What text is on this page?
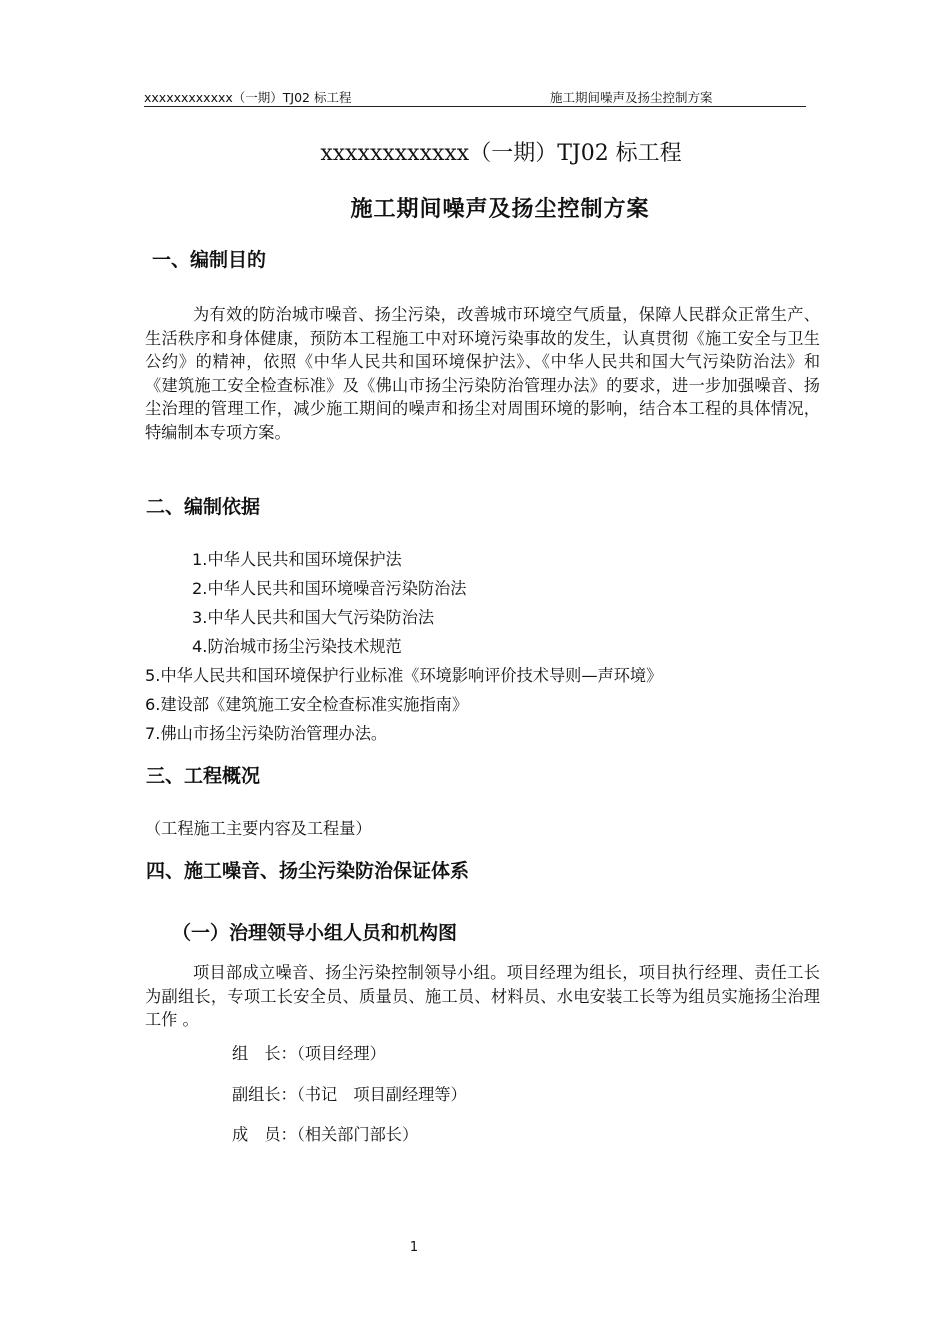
xxxxxxxxxxxx（一期）TJ02 标工程	施工期间噪声及扬尘控制方案
xxxxxxxxxxxx（一期）TJ02 标工程
施工期间噪声及扬尘控制方案
一、编制目的

为有效的防治城市噪音、扬尘污染，改善城市环境空气质量，保障人民群众正常生产、生活秩序和身体健康，预防本工程施工中对环境污染事故的发生，认真贯彻《施工安全与卫生公约》的精神，依照《中华人民共和国环境保护法》、《中华人民共和国大气污染防治法》和《建筑施工安全检查标准》及《佛山市扬尘污染防治管理办法》的要求，进一步加强噪音、扬尘治理的管理工作，减少施工期间的噪声和扬尘对周围环境的影响，结合本工程的具体情况，特编制本专项方案。

二、编制依据
1.中华人民共和国环境保护法
2.中华人民共和国环境噪音污染防治法
3.中华人民共和国大气污染防治法
4.防治城市扬尘污染技术规范
5.中华人民共和国环境保护行业标准《环境影响评价技术导则—声环境》
6.建设部《建筑施工安全检查标准实施指南》
7.佛山市扬尘污染防治管理办法。
三、工程概况
（工程施工主要内容及工程量）
四、施工噪音、扬尘污染防治保证体系
（一）治理领导小组人员和机构图

项目部成立噪音、扬尘污染控制领导小组。项目经理为组长，项目执行经理、责任工长为副组长，专项工长安全员、质量员、施工员、材料员、水电安装工长等为组员实施扬尘治理工作 。

组　长：（项目经理）
副组长：（书记　项目副经理等）
成　员：（相关部门部长）
1
